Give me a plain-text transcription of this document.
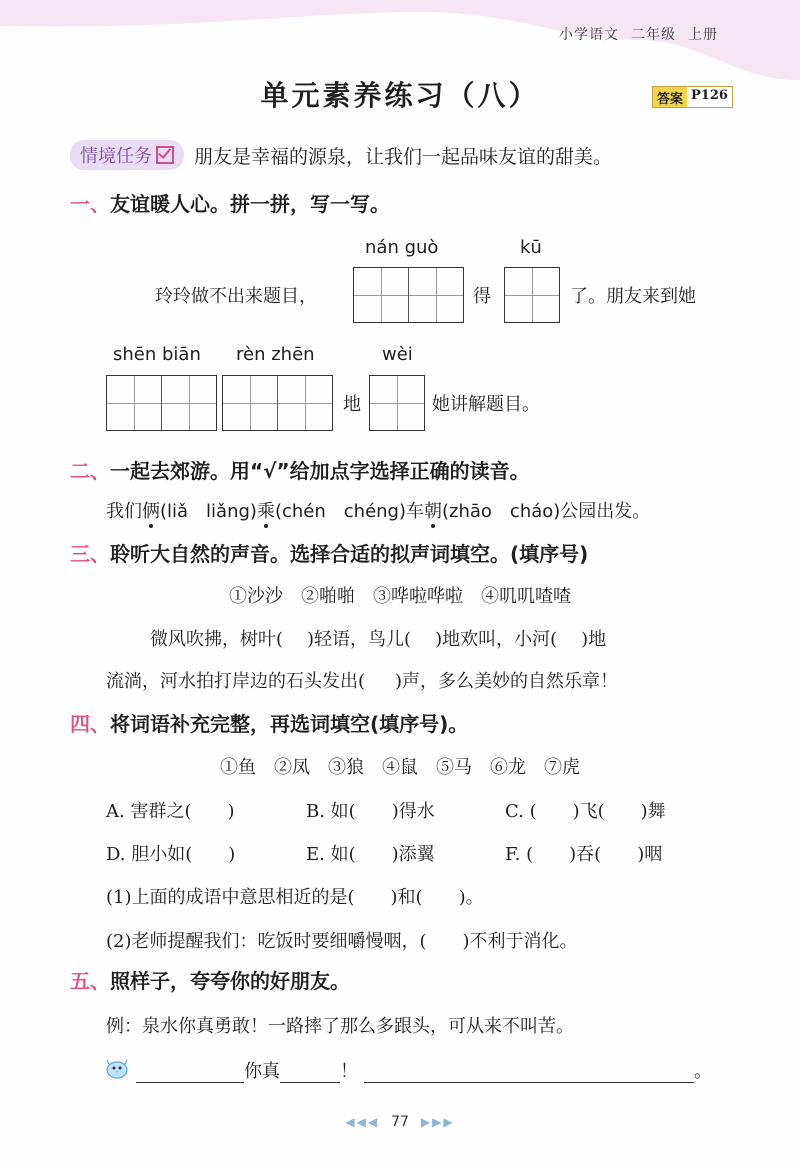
小学语文 二年级 上册
单元素养练习（八）	答案 P126
情境任务 朋友是幸福的源泉，让我们一起品味友谊的甜美。
一、友谊暖人心。拼一拼，写一写。
nán guò	kū
玲玲做不出来题目，	得	了。朋友来到她
shēn biān rèn zhēn	wèi
地	她讲解题目。
二、一起去郊游。用“√”给加点字选择正确的读音。
我们俩(liǎ　liǎng)乘(chén　chéng)车朝(zhāo　cháo)公园出发。
三、聆听大自然的声音。选择合适的拟声词填空。(填序号)
①沙沙　②啪啪　③哗啦哗啦　④叽叽喳喳
微风吹拂，树叶( )轻语，鸟儿( )地欢叫，小河( )地
流淌，河水拍打岸边的石头发出( )声，多么美妙的自然乐章！
四、将词语补充完整，再选词填空(填序号)。
①鱼　②凤　③狼　④鼠　⑤马　⑥龙　⑦虎
A. 害群之(　　)	B. 如(　　)得水	C. (　　)飞(　　)舞
D. 胆小如(　　)	E. 如(　　)添翼	F. (　　)吞(　　)咽
(1)上面的成语中意思相近的是(　　)和(　　)。
(2)老师提醒我们：吃饭时要细嚼慢咽，(　　)不利于消化。
五、照样子，夸夸你的好朋友。
例：泉水你真勇敢！一路摔了那么多跟头，可从来不叫苦。
你真	！	。
◀◀◀ 77 ▶▶▶
